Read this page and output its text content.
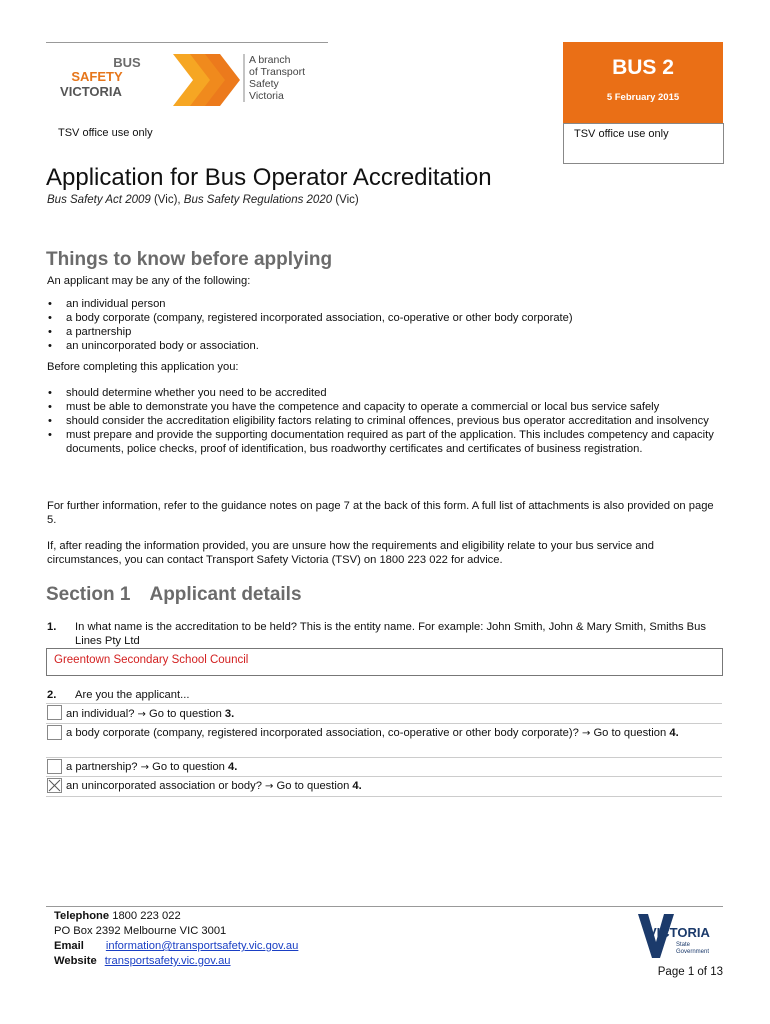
BUS
SAFETY
VICTORIA
A branch
of Transport
Safety
Victoria
BUS 2
5 February 2015
TSV office use only	TSV office use only
Application for Bus Operator Accreditation
Bus Safety Act 2009 (Vic), Bus Safety Regulations 2020 (Vic)
Things to know before applying
An applicant may be any of the following:
• an individual person
• a body corporate (company, registered incorporated association, co-operative or other body corporate)
• a partnership
• an unincorporated body or association.
Before completing this application you:
• should determine whether you need to be accredited
• must be able to demonstrate you have the competence and capacity to operate a commercial or local bus service safely
• should consider the accreditation eligibility factors relating to criminal offences, previous bus operator accreditation and insolvency
• must prepare and provide the supporting documentation required as part of the application. This includes competency and capacity documents, police checks, proof of identification, bus roadworthy certificates and certificates of business registration.
For further information, refer to the guidance notes on page 7 at the back of this form. A full list of attachments is also provided on page 5.
If, after reading the information provided, you are unsure how the requirements and eligibility relate to your bus service and circumstances, you can contact Transport Safety Victoria (TSV) on 1800 223 022 for advice.
Section 1 Applicant details
1.	In what name is the accreditation to be held? This is the entity name. For example: John Smith, John & Mary Smith, Smiths Bus Lines Pty Ltd
Greentown Secondary School Council
2.	Are you the applicant...
an individual? → Go to question 3.
a body corporate (company, registered incorporated association, co-operative or other body corporate)? → Go to question 4.
a partnership? → Go to question 4.
an unincorporated association or body? → Go to question 4.
Telephone 1800 223 022
PO Box 2392 Melbourne VIC 3001
Email information@transportsafety.vic.gov.au
Website transportsafety.vic.gov.au
VICTORIA
State
Government
Page 1 of 13
